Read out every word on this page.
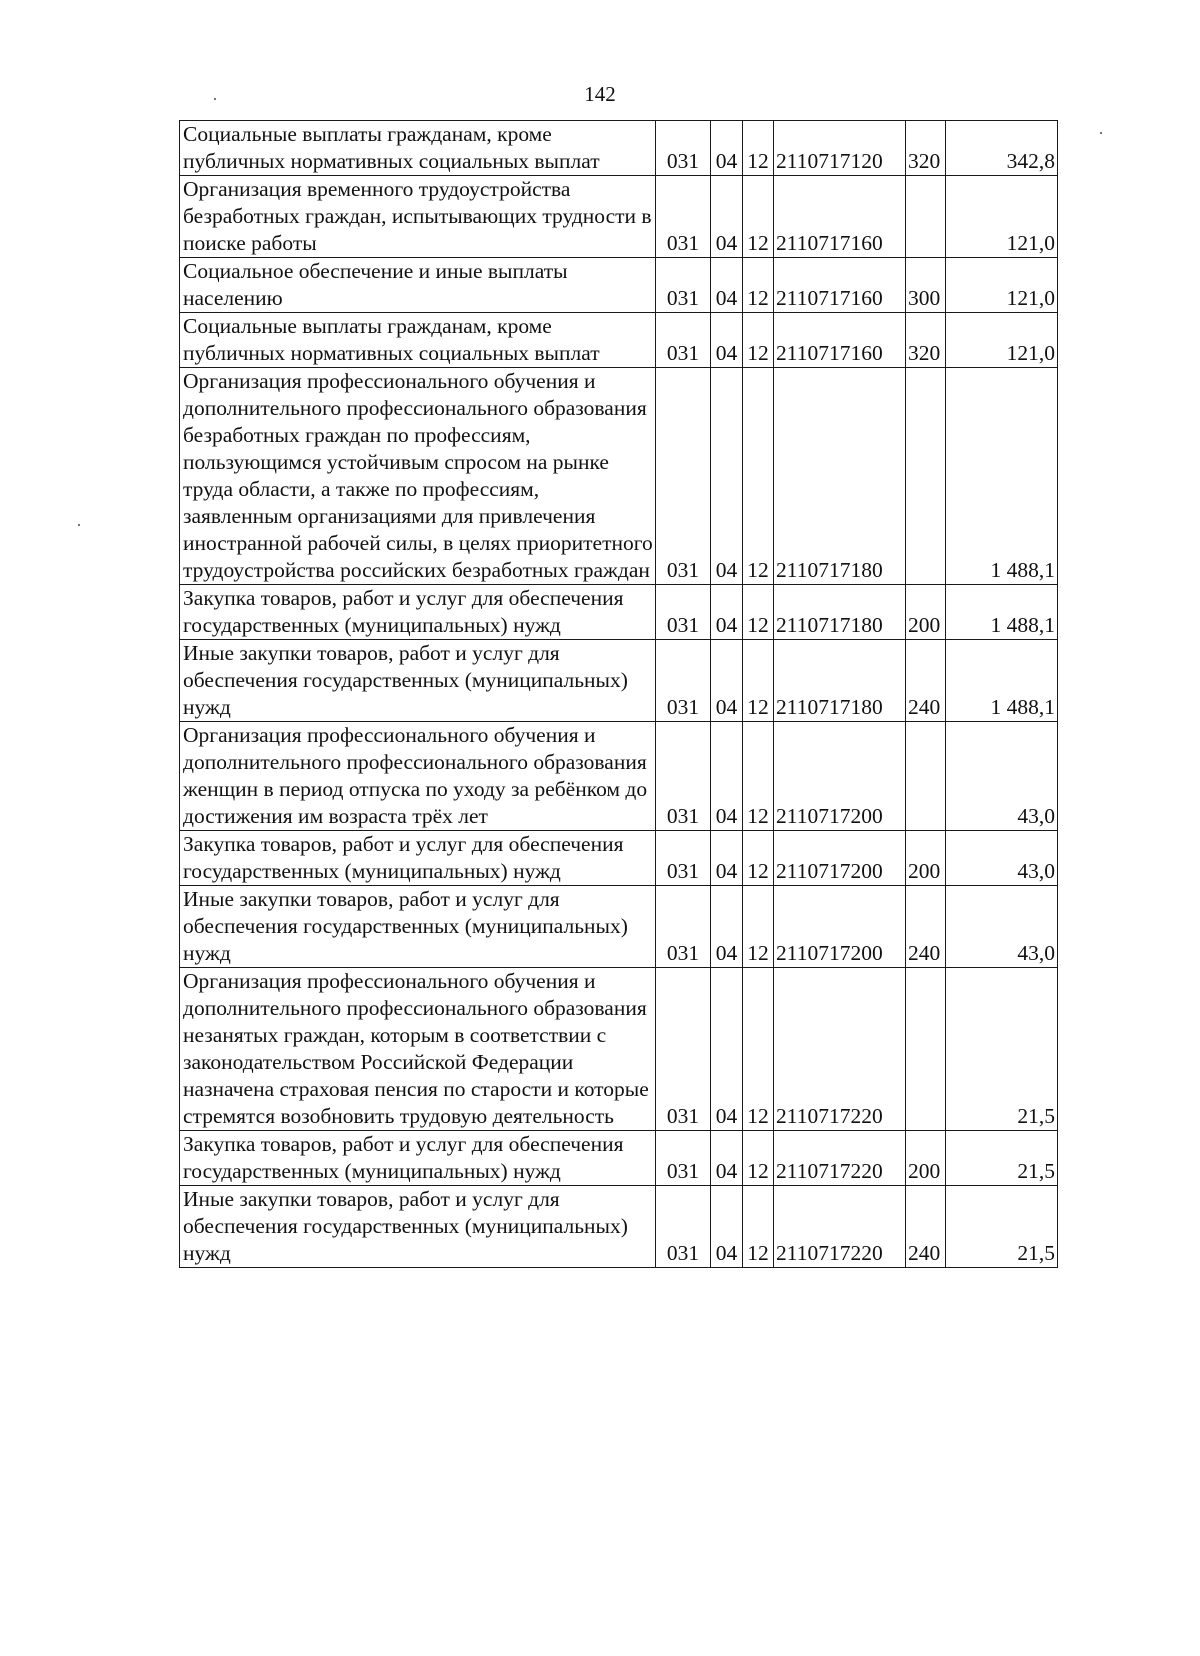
142
Социальные выплаты гражданам, кроме публичных нормативных социальных выплат	031	04	12	2110717120	320	342,8
Организация временного трудоустройства безработных граждан, испытывающих трудности в поиске работы	031	04	12	2110717160		121,0
Социальное обеспечение и иные выплаты населению	031	04	12	2110717160	300	121,0
Социальные выплаты гражданам, кроме публичных нормативных социальных выплат	031	04	12	2110717160	320	121,0
Организация профессионального обучения и дополнительного профессионального образования безработных граждан по профессиям, пользующимся устойчивым спросом на рынке труда области, а также по профессиям, заявленным организациями для привлечения иностранной рабочей силы, в целях приоритетного трудоустройства российских безработных граждан	031	04	12	2110717180		1 488,1
Закупка товаров, работ и услуг для обеспечения государственных (муниципальных) нужд	031	04	12	2110717180	200	1 488,1
Иные закупки товаров, работ и услуг для обеспечения государственных (муниципальных) нужд	031	04	12	2110717180	240	1 488,1
Организация профессионального обучения и дополнительного профессионального образования женщин в период отпуска по уходу за ребёнком до достижения им возраста трёх лет	031	04	12	2110717200		43,0
Закупка товаров, работ и услуг для обеспечения государственных (муниципальных) нужд	031	04	12	2110717200	200	43,0
Иные закупки товаров, работ и услуг для обеспечения государственных (муниципальных) нужд	031	04	12	2110717200	240	43,0
Организация профессионального обучения и дополнительного профессионального образования незанятых граждан, которым в соответствии с законодательством Российской Федерации назначена страховая пенсия по старости и которые стремятся возобновить трудовую деятельность	031	04	12	2110717220		21,5
Закупка товаров, работ и услуг для обеспечения государственных (муниципальных) нужд	031	04	12	2110717220	200	21,5
Иные закупки товаров, работ и услуг для обеспечения государственных (муниципальных) нужд	031	04	12	2110717220	240	21,5
